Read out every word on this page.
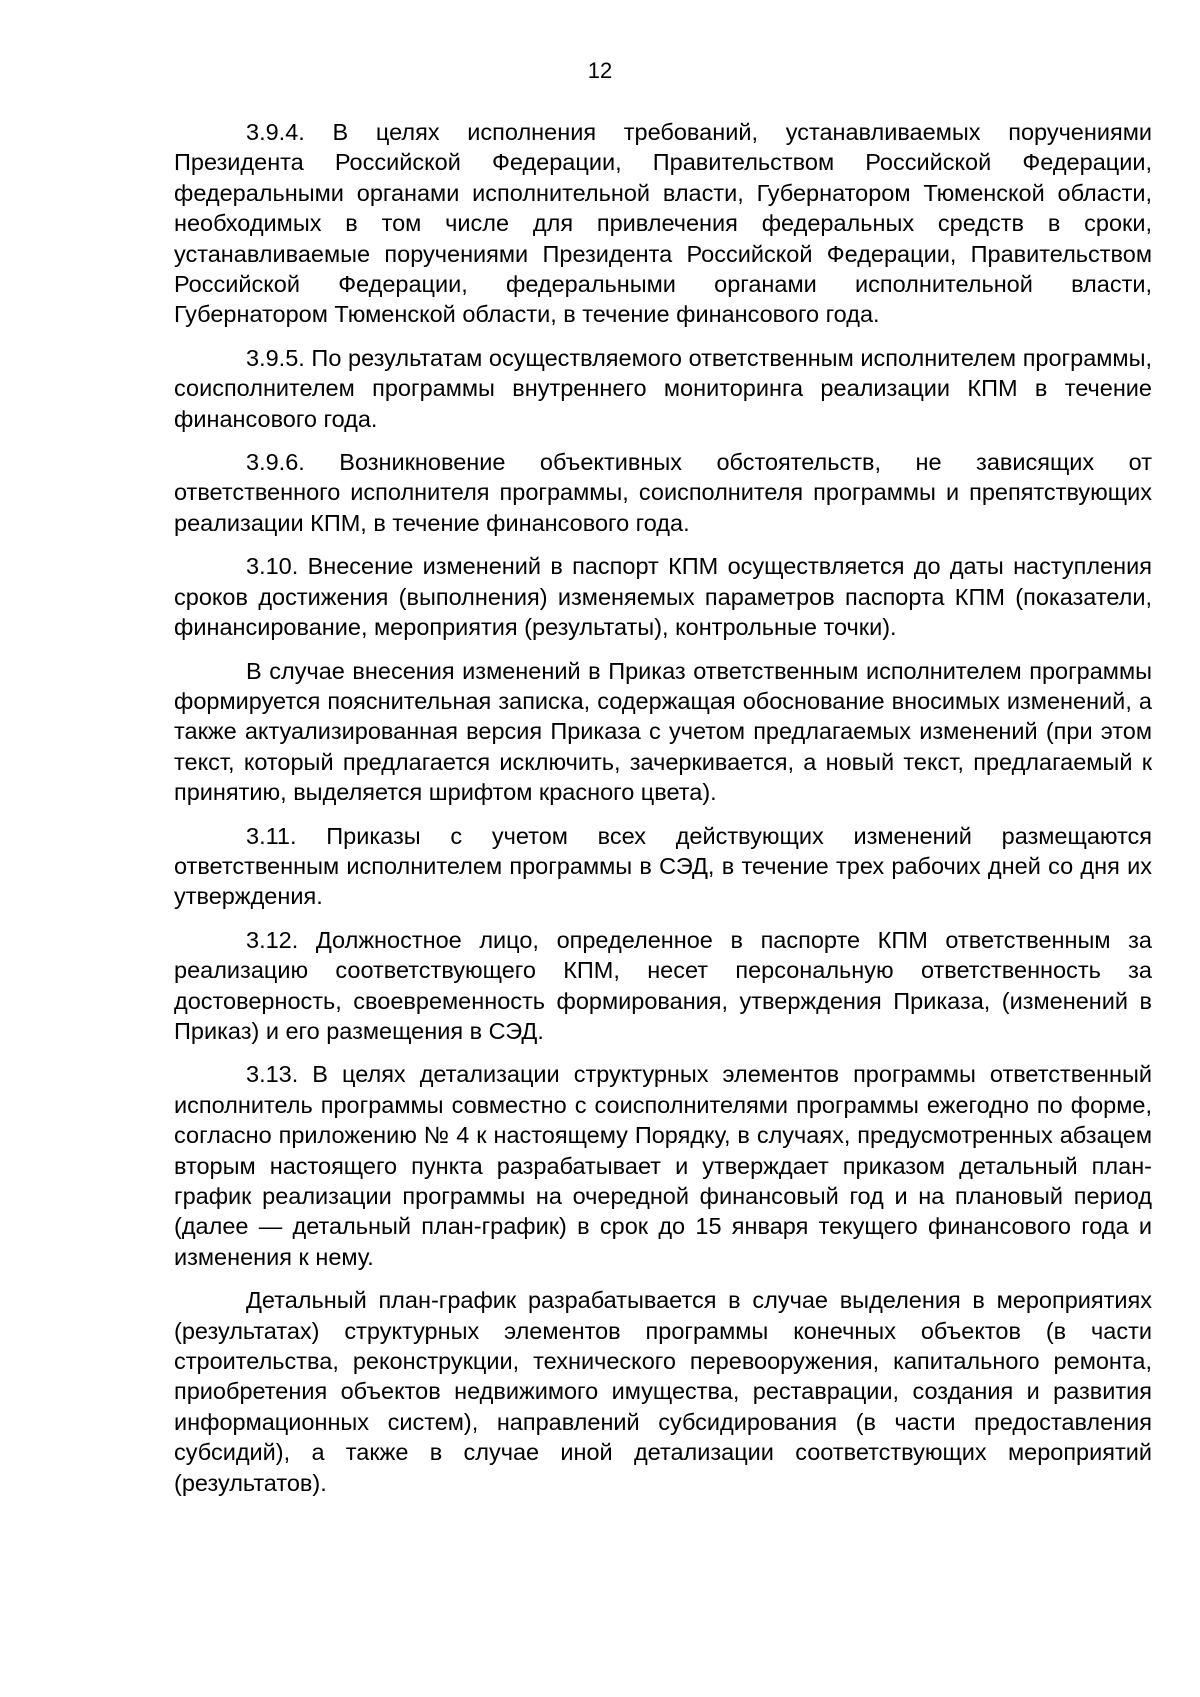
12

3.9.4. В целях исполнения требований, устанавливаемых поручениями Президента Российской Федерации, Правительством Российской Федерации, федеральными органами исполнительной власти, Губернатором Тюменской области, необходимых в том числе для привлечения федеральных средств в сроки, устанавливаемые поручениями Президента Российской Федерации, Правительством Российской Федерации, федеральными органами исполнительной власти, Губернатором Тюменской области, в течение финансового года.

3.9.5. По результатам осуществляемого ответственным исполнителем программы, соисполнителем программы внутреннего мониторинга реализации КПМ в течение финансового года.

3.9.6. Возникновение объективных обстоятельств, не зависящих от ответственного исполнителя программы, соисполнителя программы и препятствующих реализации КПМ, в течение финансового года.

3.10. Внесение изменений в паспорт КПМ осуществляется до даты наступления сроков достижения (выполнения) изменяемых параметров паспорта КПМ (показатели, финансирование, мероприятия (результаты), контрольные точки).

В случае внесения изменений в Приказ ответственным исполнителем программы формируется пояснительная записка, содержащая обоснование вносимых изменений, а также актуализированная версия Приказа с учетом предлагаемых изменений (при этом текст, который предлагается исключить, зачеркивается, а новый текст, предлагаемый к принятию, выделяется шрифтом красного цвета).

3.11. Приказы с учетом всех действующих изменений размещаются ответственным исполнителем программы в СЭД, в течение трех рабочих дней со дня их утверждения.

3.12. Должностное лицо, определенное в паспорте КПМ ответственным за реализацию соответствующего КПМ, несет персональную ответственность за достоверность, своевременность формирования, утверждения Приказа, (изменений в Приказ) и его размещения в СЭД.

3.13. В целях детализации структурных элементов программы ответственный исполнитель программы совместно с соисполнителями программы ежегодно по форме, согласно приложению № 4 к настоящему Порядку, в случаях, предусмотренных абзацем вторым настоящего пункта разрабатывает и утверждает приказом детальный план-график реализации программы на очередной финансовый год и на плановый период (далее — детальный план-график) в срок до 15 января текущего финансового года и изменения к нему.

Детальный план-график разрабатывается в случае выделения в мероприятиях (результатах) структурных элементов программы конечных объектов (в части строительства, реконструкции, технического перевооружения, капитального ремонта, приобретения объектов недвижимого имущества, реставрации, создания и развития информационных систем), направлений субсидирования (в части предоставления субсидий), а также в случае иной детализации соответствующих мероприятий (результатов).
